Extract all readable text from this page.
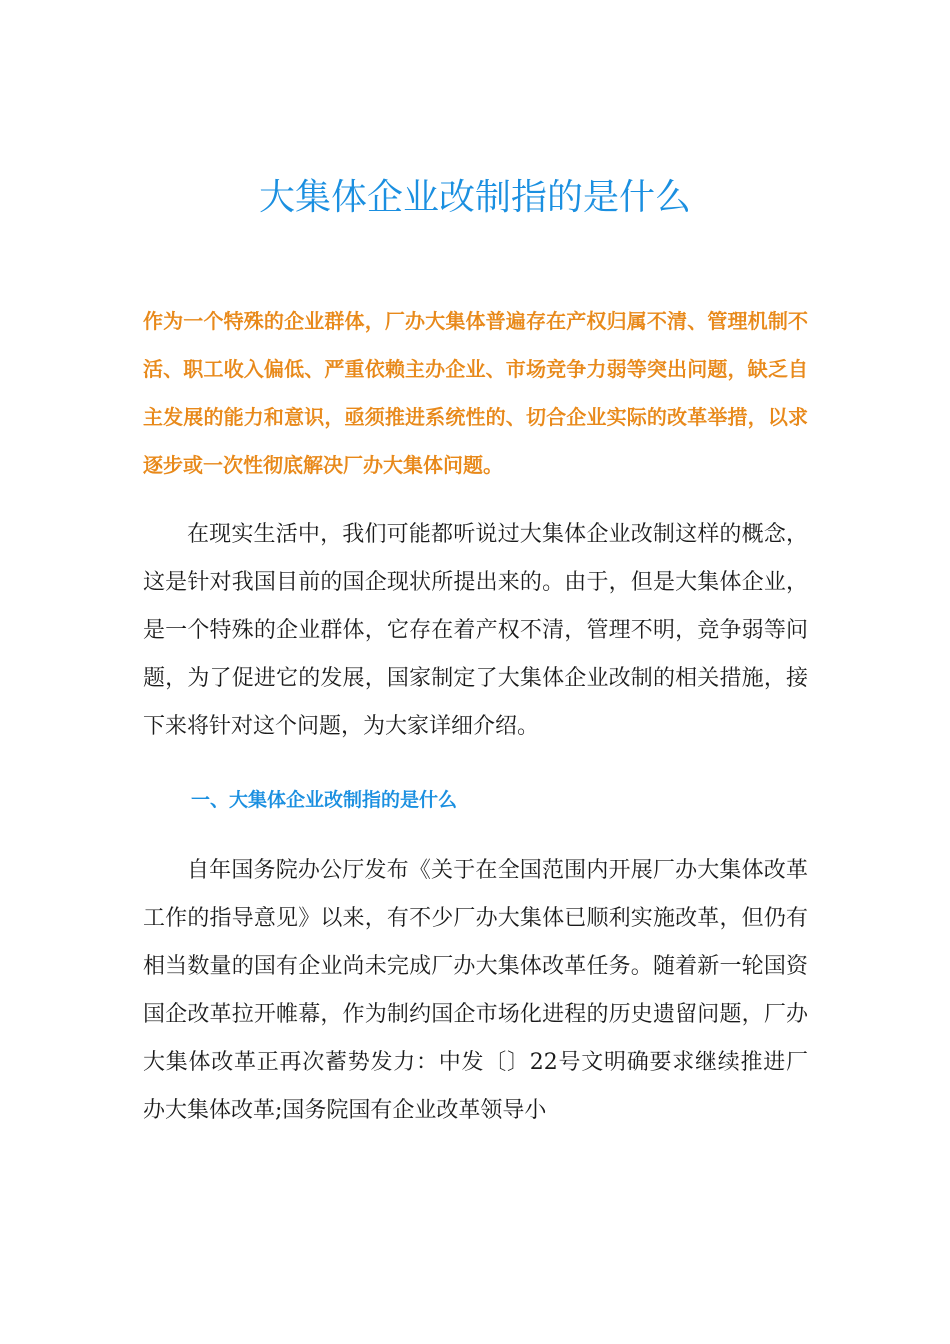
大集体企业改制指的是什么

作为一个特殊的企业群体，厂办大集体普遍存在产权归属不清、管理机制不活、职工收入偏低、严重依赖主办企业、市场竞争力弱等突出问题，缺乏自主发展的能力和意识，亟须推进系统性的、切合企业实际的改革举措，以求逐步或一次性彻底解决厂办大集体问题。

在现实生活中，我们可能都听说过大集体企业改制这样的概念，这是针对我国目前的国企现状所提出来的。由于，但是大集体企业，是一个特殊的企业群体，它存在着产权不清，管理不明，竞争弱等问题，为了促进它的发展，国家制定了大集体企业改制的相关措施，接下来将针对这个问题，为大家详细介绍。

一、大集体企业改制指的是什么

自年国务院办公厅发布《关于在全国范围内开展厂办大集体改革工作的指导意见》以来，有不少厂办大集体已顺利实施改革，但仍有相当数量的国有企业尚未完成厂办大集体改革任务。随着新一轮国资国企改革拉开帷幕，作为制约国企市场化进程的历史遗留问题，厂办大集体改革正再次蓄势发力：中发〔〕22号文明确要求继续推进厂办大集体改革;国务院国有企业改革领导小
